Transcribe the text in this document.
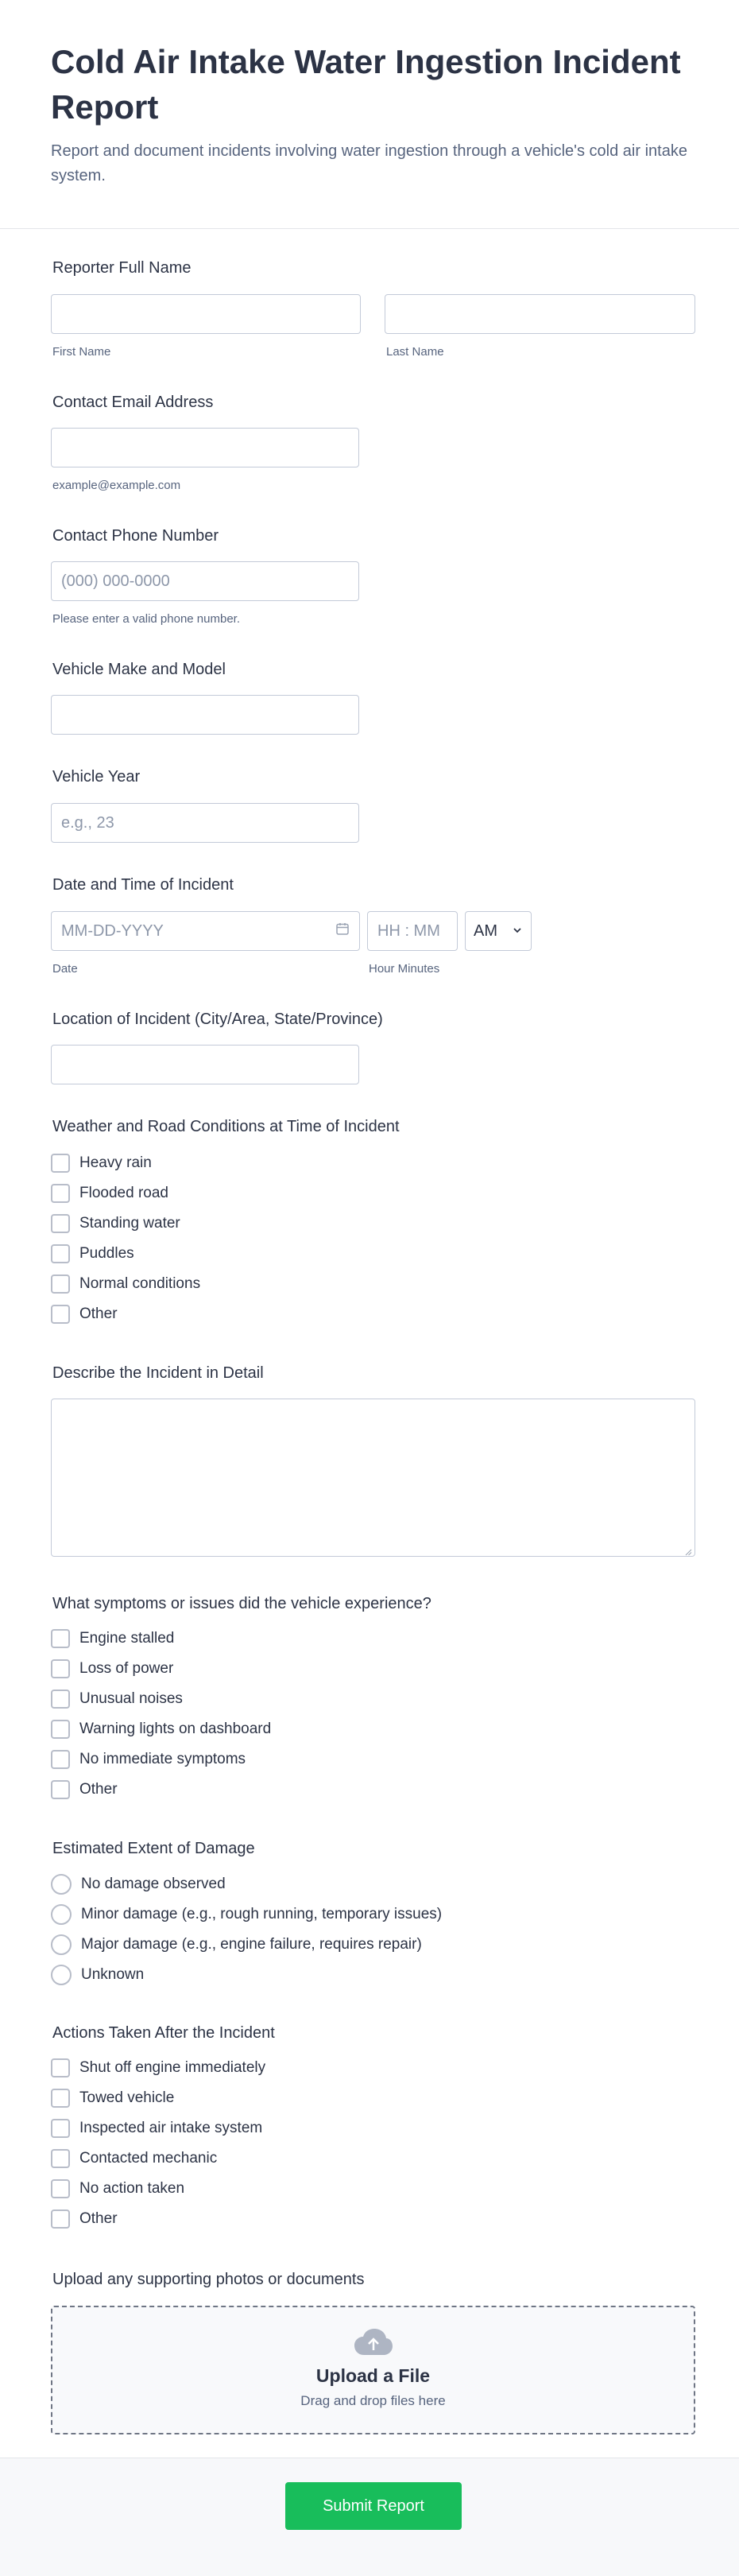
Cold Air Intake Water Ingestion Incident Report
Report and document incidents involving water ingestion through a vehicle's cold air intake system.
Reporter Full Name
First Name	Last Name
Contact Email Address
example@example.com
Contact Phone Number
(000) 000-0000
Please enter a valid phone number.
Vehicle Make and Model
Vehicle Year
e.g., 23
Date and Time of Incident
MM-DD-YYYY	HH : MM	AM
Date	Hour Minutes
Location of Incident (City/Area, State/Province)
Weather and Road Conditions at Time of Incident
Heavy rain
Flooded road
Standing water
Puddles
Normal conditions
Other
Describe the Incident in Detail
What symptoms or issues did the vehicle experience?
Engine stalled
Loss of power
Unusual noises
Warning lights on dashboard
No immediate symptoms
Other
Estimated Extent of Damage
No damage observed
Minor damage (e.g., rough running, temporary issues)
Major damage (e.g., engine failure, requires repair)
Unknown
Actions Taken After the Incident
Shut off engine immediately
Towed vehicle
Inspected air intake system
Contacted mechanic
No action taken
Other
Upload any supporting photos or documents
Upload a File
Drag and drop files here
Submit Report
